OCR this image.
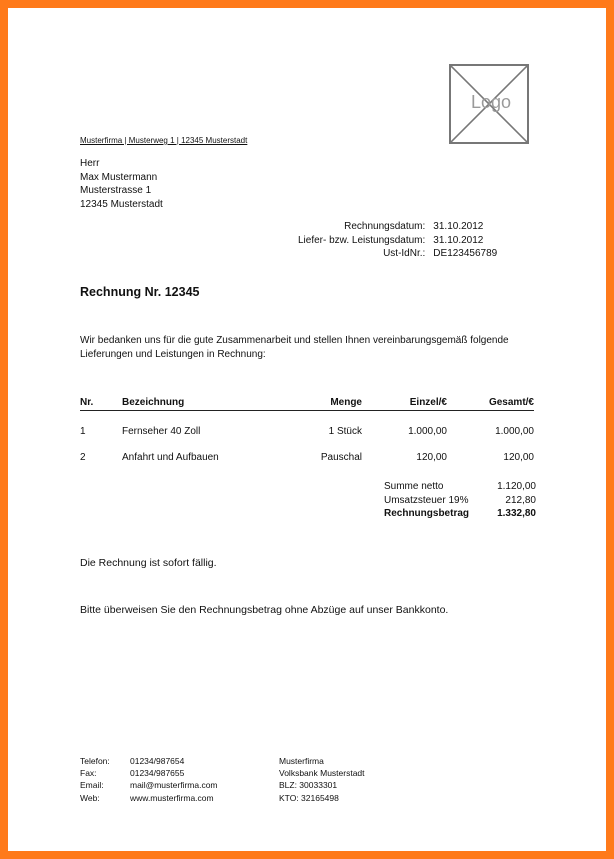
Logo
Musterfirma | Musterweg 1 | 12345 Musterstadt
Herr
Max Mustermann
Musterstrasse 1
12345 Musterstadt
Rechnungsdatum:	31.10.2012
Liefer- bzw. Leistungsdatum:	31.10.2012
Ust-IdNr.:	DE123456789
Rechnung Nr. 12345
Wir bedanken uns für die gute Zusammenarbeit und stellen Ihnen vereinbarungsgemäß folgende Lieferungen und Leistungen in Rechnung:
Nr.	Bezeichnung	Menge	Einzel/€	Gesamt/€
1	Fernseher 40 Zoll	1 Stück	1.000,00	1.000,00
2	Anfahrt und Aufbauen	Pauschal	120,00	120,00
Summe netto	1.120,00
Umsatzsteuer 19%	212,80
Rechnungsbetrag	1.332,80
Die Rechnung ist sofort fällig.
Bitte überweisen Sie den Rechnungsbetrag ohne Abzüge auf unser Bankkonto.
Telefon:	01234/987654
Fax:	01234/987655
Email:	mail@musterfirma.com
Web:	www.musterfirma.com
Musterfirma
Volksbank Musterstadt
BLZ: 30033301
KTO: 32165498
